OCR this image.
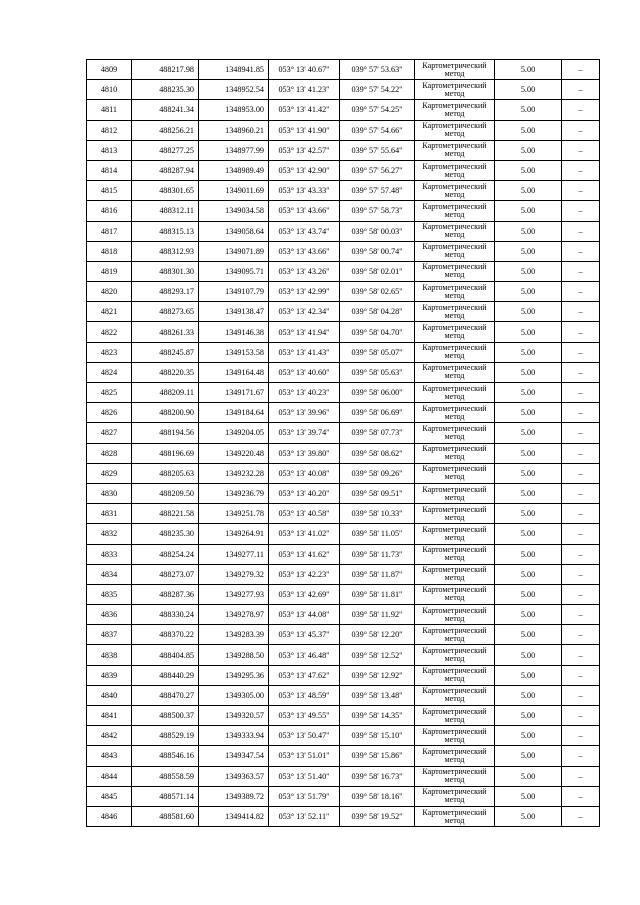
4809	488217.98	1348941.85	053° 13' 40.67"	039° 57' 53.63"	Картометрический метод	5.00	–
4810	488235.30	1348952.54	053° 13' 41.23"	039° 57' 54.22"	Картометрический метод	5.00	–
4811	488241.34	1348953.00	053° 13' 41.42"	039° 57' 54.25"	Картометрический метод	5.00	–
4812	488256.21	1348960.21	053° 13' 41.90"	039° 57' 54.66"	Картометрический метод	5.00	–
4813	488277.25	1348977.99	053° 13' 42.57"	039° 57' 55.64"	Картометрический метод	5.00	–
4814	488287.94	1348989.49	053° 13' 42.90"	039° 57' 56.27"	Картометрический метод	5.00	–
4815	488301.65	1349011.69	053° 13' 43.33"	039° 57' 57.48"	Картометрический метод	5.00	–
4816	488312.11	1349034.58	053° 13' 43.66"	039° 57' 58.73"	Картометрический метод	5.00	–
4817	488315.13	1349058.64	053° 13' 43.74"	039° 58' 00.03"	Картометрический метод	5.00	–
4818	488312.93	1349071.89	053° 13' 43.66"	039° 58' 00.74"	Картометрический метод	5.00	–
4819	488301.30	1349095.71	053° 13' 43.26"	039° 58' 02.01"	Картометрический метод	5.00	–
4820	488293.17	1349107.79	053° 13' 42.99"	039° 58' 02.65"	Картометрический метод	5.00	–
4821	488273.65	1349138.47	053° 13' 42.34"	039° 58' 04.28"	Картометрический метод	5.00	–
4822	488261.33	1349146.38	053° 13' 41.94"	039° 58' 04.70"	Картометрический метод	5.00	–
4823	488245.87	1349153.58	053° 13' 41.43"	039° 58' 05.07"	Картометрический метод	5.00	–
4824	488220.35	1349164.48	053° 13' 40.60"	039° 58' 05.63"	Картометрический метод	5.00	–
4825	488209.11	1349171.67	053° 13' 40.23"	039° 58' 06.00"	Картометрический метод	5.00	–
4826	488200.90	1349184.64	053° 13' 39.96"	039° 58' 06.69"	Картометрический метод	5.00	–
4827	488194.56	1349204.05	053° 13' 39.74"	039° 58' 07.73"	Картометрический метод	5.00	–
4828	488196.69	1349220.48	053° 13' 39.80"	039° 58' 08.62"	Картометрический метод	5.00	–
4829	488205.63	1349232.28	053° 13' 40.08"	039° 58' 09.26"	Картометрический метод	5.00	–
4830	488209.50	1349236.79	053° 13' 40.20"	039° 58' 09.51"	Картометрический метод	5.00	–
4831	488221.58	1349251.78	053° 13' 40.58"	039° 58' 10.33"	Картометрический метод	5.00	–
4832	488235.30	1349264.91	053° 13' 41.02"	039° 58' 11.05"	Картометрический метод	5.00	–
4833	488254.24	1349277.11	053° 13' 41.62"	039° 58' 11.73"	Картометрический метод	5.00	–
4834	488273.07	1349279.32	053° 13' 42.23"	039° 58' 11.87"	Картометрический метод	5.00	–
4835	488287.36	1349277.93	053° 13' 42.69"	039° 58' 11.81"	Картометрический метод	5.00	–
4836	488330.24	1349278.97	053° 13' 44.08"	039° 58' 11.92"	Картометрический метод	5.00	–
4837	488370.22	1349283.39	053° 13' 45.37"	039° 58' 12.20"	Картометрический метод	5.00	–
4838	488404.85	1349288.50	053° 13' 46.48"	039° 58' 12.52"	Картометрический метод	5.00	–
4839	488440.29	1349295.36	053° 13' 47.62"	039° 58' 12.92"	Картометрический метод	5.00	–
4840	488470.27	1349305.00	053° 13' 48.59"	039° 58' 13.48"	Картометрический метод	5.00	–
4841	488500.37	1349320.57	053° 13' 49.55"	039° 58' 14.35"	Картометрический метод	5.00	–
4842	488529.19	1349333.94	053° 13' 50.47"	039° 58' 15.10"	Картометрический метод	5.00	–
4843	488546.16	1349347.54	053° 13' 51.01"	039° 58' 15.86"	Картометрический метод	5.00	–
4844	488558.59	1349363.57	053° 13' 51.40"	039° 58' 16.73"	Картометрический метод	5.00	–
4845	488571.14	1349389.72	053° 13' 51.79"	039° 58' 18.16"	Картометрический метод	5.00	–
4846	488581.60	1349414.82	053° 13' 52.11"	039° 58' 19.52"	Картометрический метод	5.00	–
